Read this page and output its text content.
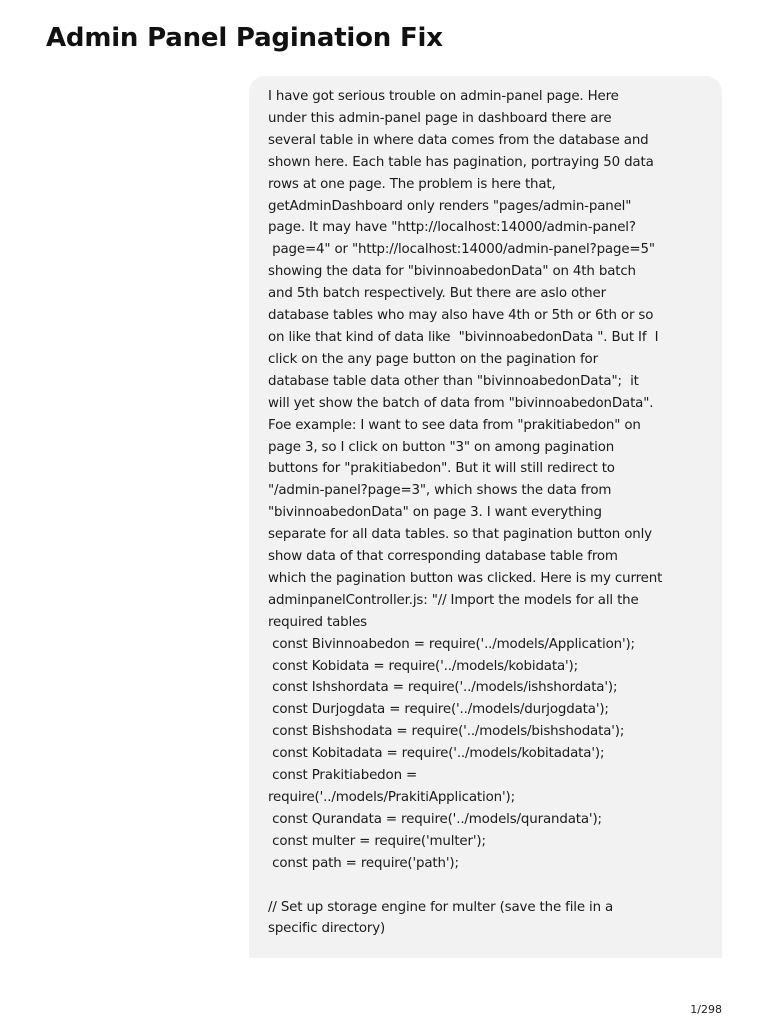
Admin Panel Pagination Fix
I have got serious trouble on admin-panel page. Here
under this admin-panel page in dashboard there are
several table in where data comes from the database and
shown here. Each table has pagination, portraying 50 data
rows at one page. The problem is here that,
getAdminDashboard only renders "pages/admin-panel"
page. It may have "http://localhost:14000/admin-panel?
page=4" or "http://localhost:14000/admin-panel?page=5"
showing the data for "bivinnoabedonData" on 4th batch
and 5th batch respectively. But there are aslo other
database tables who may also have 4th or 5th or 6th or so
on like that kind of data like  "bivinnoabedonData ". But If  I
click on the any page button on the pagination for
database table data other than "bivinnoabedonData";  it
will yet show the batch of data from "bivinnoabedonData".
Foe example: I want to see data from "prakitiabedon" on
page 3, so I click on button "3" on among pagination
buttons for "prakitiabedon". But it will still redirect to
"/admin-panel?page=3", which shows the data from
"bivinnoabedonData" on page 3. I want everything
separate for all data tables. so that pagination button only
show data of that corresponding database table from
which the pagination button was clicked. Here is my current
adminpanelController.js: "// Import the models for all the
required tables
const Bivinnoabedon = require('../models/Application');
const Kobidata = require('../models/kobidata');
const Ishshordata = require('../models/ishshordata');
const Durjogdata = require('../models/durjogdata');
const Bishshodata = require('../models/bishshodata');
const Kobitadata = require('../models/kobitadata');
const Prakitiabedon =
require('../models/PrakitiApplication');
const Qurandata = require('../models/qurandata');
const multer = require('multer');
const path = require('path');

// Set up storage engine for multer (save the file in a
specific directory)
1/298
